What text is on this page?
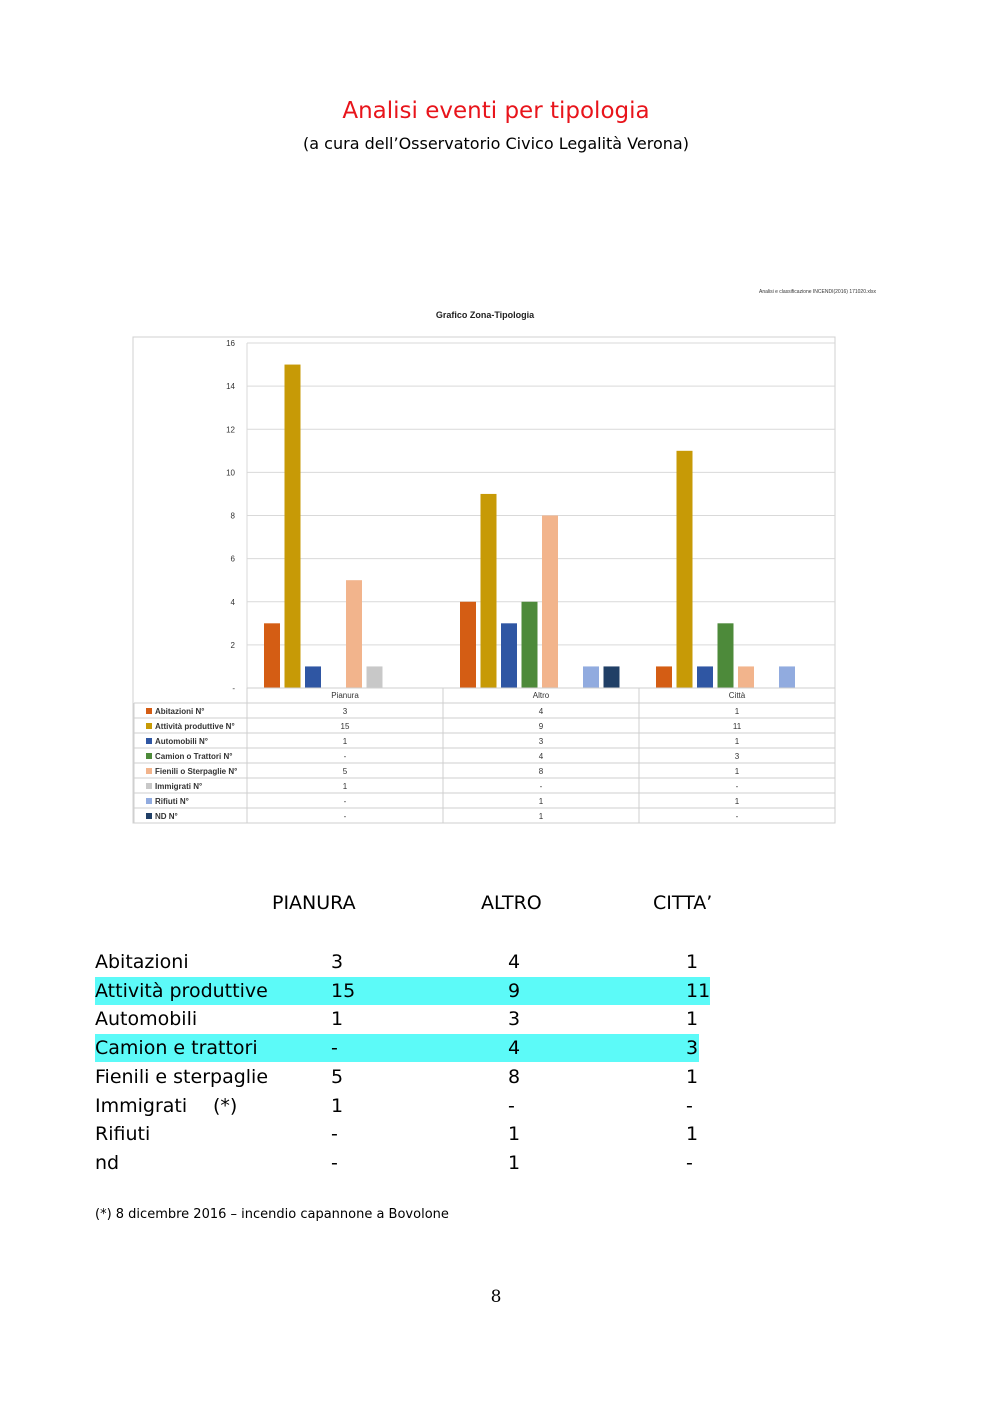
Analisi eventi per tipologia
(a cura dell’Osservatorio Civico Legalità Verona)
Analisi e classificazione INCENDI(2016) 171020.xlsx
Grafico Zona-Tipologia
-
2
4
6
8
10
12
14
16
Pianura	Altro	Città
Abitazioni N°	3	4	1
Attività produttive N°	15	9	11
Automobili N°	1	3	1
Camion o Trattori N°	-	4	3
Fienili o Sterpaglie N°	5	8	1
Immigrati N°	1	-	-
Rifiuti N°	-	1	1
ND N°	-	1	-
PIANURA	ALTRO	CITTA’
Abitazioni	3	4	1
Attività produttive	15	9	11
Automobili	1	3	1
Camion e trattori	-	4	3
Fienili e sterpaglie	5	8	1
Immigrati (*)	1	-	-
Rifiuti	-	1	1
nd	-	1	-
(*) 8 dicembre 2016 – incendio capannone a Bovolone
8
